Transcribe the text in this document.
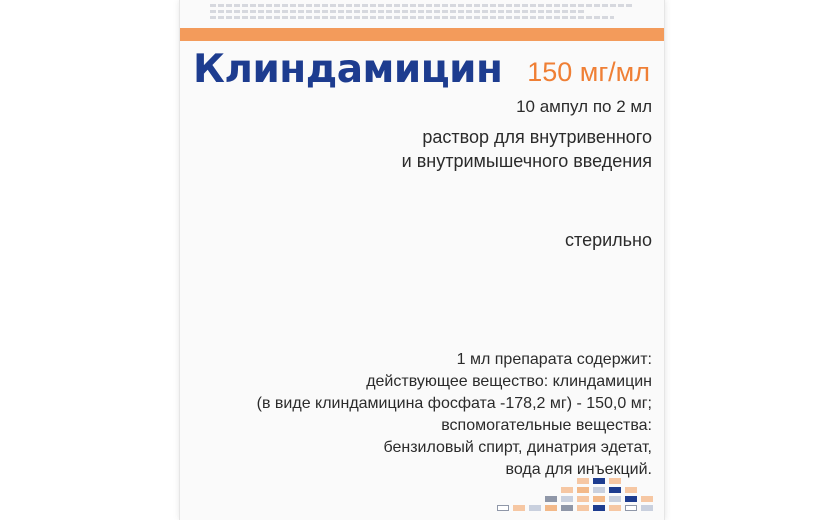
Клиндамицин 150 мг/мл
10 ампул по 2 мл
раствор для внутривенного
и внутримышечного введения
стерильно
1 мл препарата содержит:
действующее вещество: клиндамицин
(в виде клиндамицина фосфата -178,2 мг) - 150,0 мг;
вспомогательные вещества:
бензиловый спирт, динатрия эдетат,
вода для инъекций.
